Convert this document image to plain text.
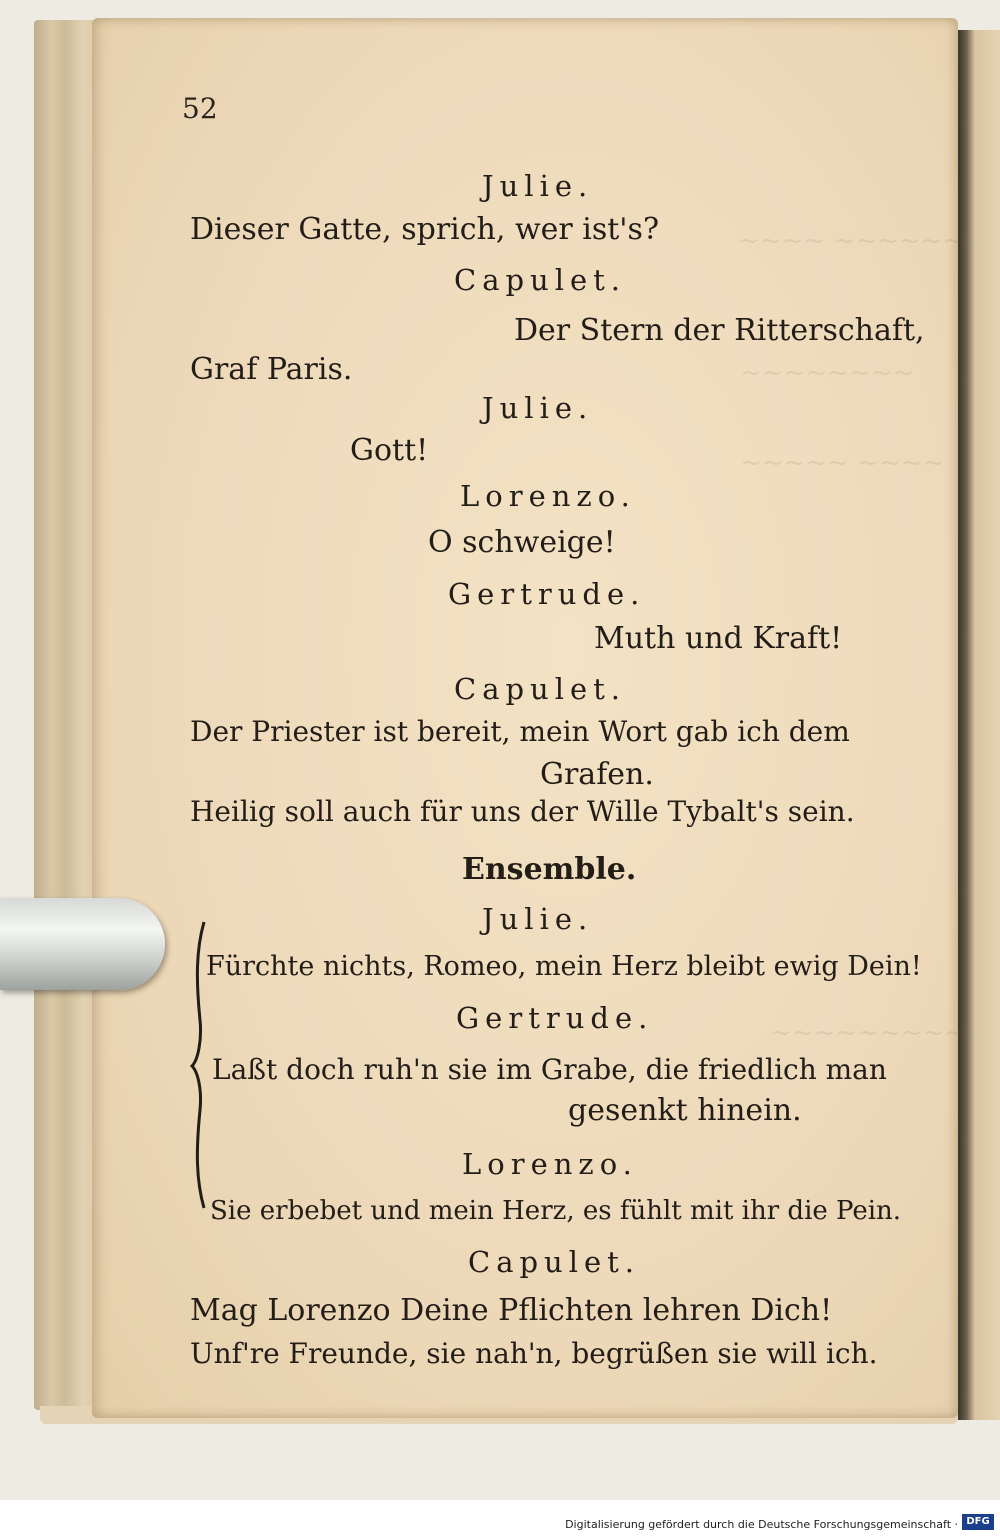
~~~~ ~~~~~~
~~~~~~~~
~~~~~ ~~~~
~~~~~~~~~
52
Julie.
Dieser Gatte, sprich, wer ist's?
Capulet.
Der Stern der Ritterschaft,
Graf Paris.
Julie.
Gott!
Lorenzo.
O schweige!
Gertrude.
Muth und Kraft!
Capulet.
Der Priester ist bereit, mein Wort gab ich dem
Grafen.
Heilig soll auch für uns der Wille Tybalt's sein.
Ensemble.
Julie.
Fürchte nichts, Romeo, mein Herz bleibt ewig Dein!
Gertrude.
Laßt doch ruh'n sie im Grabe, die friedlich man
gesenkt hinein.
Lorenzo.
Sie erbebet und mein Herz, es fühlt mit ihr die Pein.
Capulet.
Mag Lorenzo Deine Pflichten lehren Dich!
Unf're Freunde, sie nah'n, begrüßen sie will ich.
Digitalisierung gefördert durch die Deutsche Forschungsgemeinschaft · DFG
